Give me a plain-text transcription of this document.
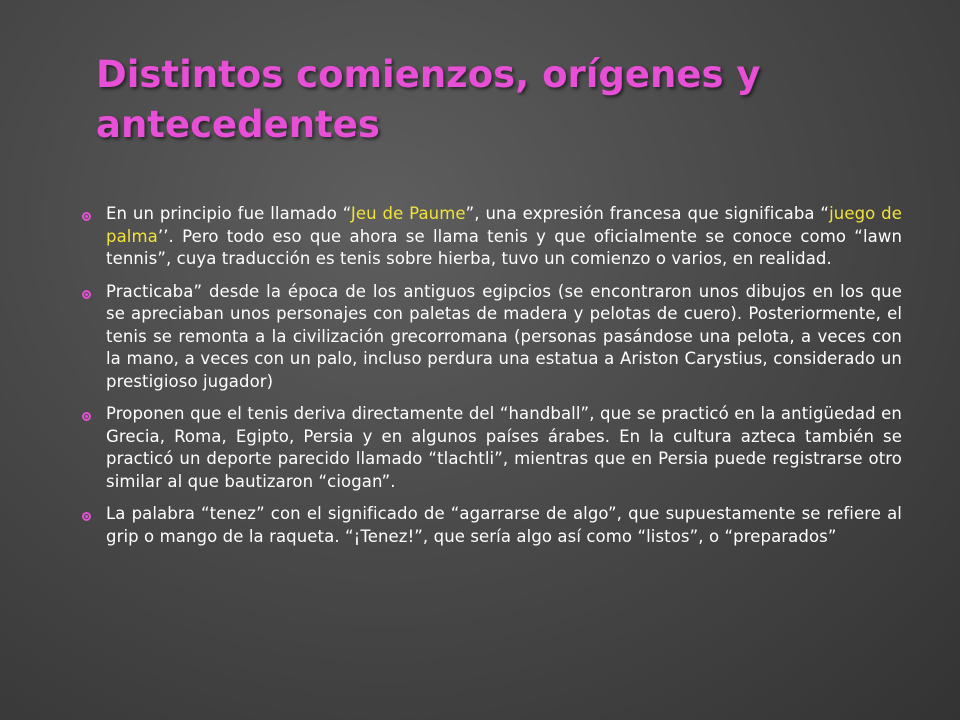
Distintos comienzos, orígenes y antecedentes
En un principio fue llamado “Jeu de Paume”, una expresión francesa que significaba “juego de palma’’. Pero todo eso que ahora se llama tenis y que oficialmente se conoce como “lawn tennis”, cuya traducción es tenis sobre hierba, tuvo un comienzo o varios, en realidad.
Practicaba” desde la época de los antiguos egipcios (se encontraron unos dibujos en los que se apreciaban unos personajes con paletas de madera y pelotas de cuero). Posteriormente, el tenis se remonta a la civilización grecorromana (personas pasándose una pelota, a veces con la mano, a veces con un palo, incluso perdura una estatua a Ariston Carystius, considerado un prestigioso jugador)
Proponen que el tenis deriva directamente del “handball”, que se practicó en la antigüedad en Grecia, Roma, Egipto, Persia y en algunos países árabes. En la cultura azteca también se practicó un deporte parecido llamado “tlachtli”, mientras que en Persia puede registrarse otro similar al que bautizaron “ciogan”.
La palabra “tenez” con el significado de “agarrarse de algo”, que supuestamente se refiere al grip o mango de la raqueta. “¡Tenez!”, que sería algo así como “listos”, o “preparados”
